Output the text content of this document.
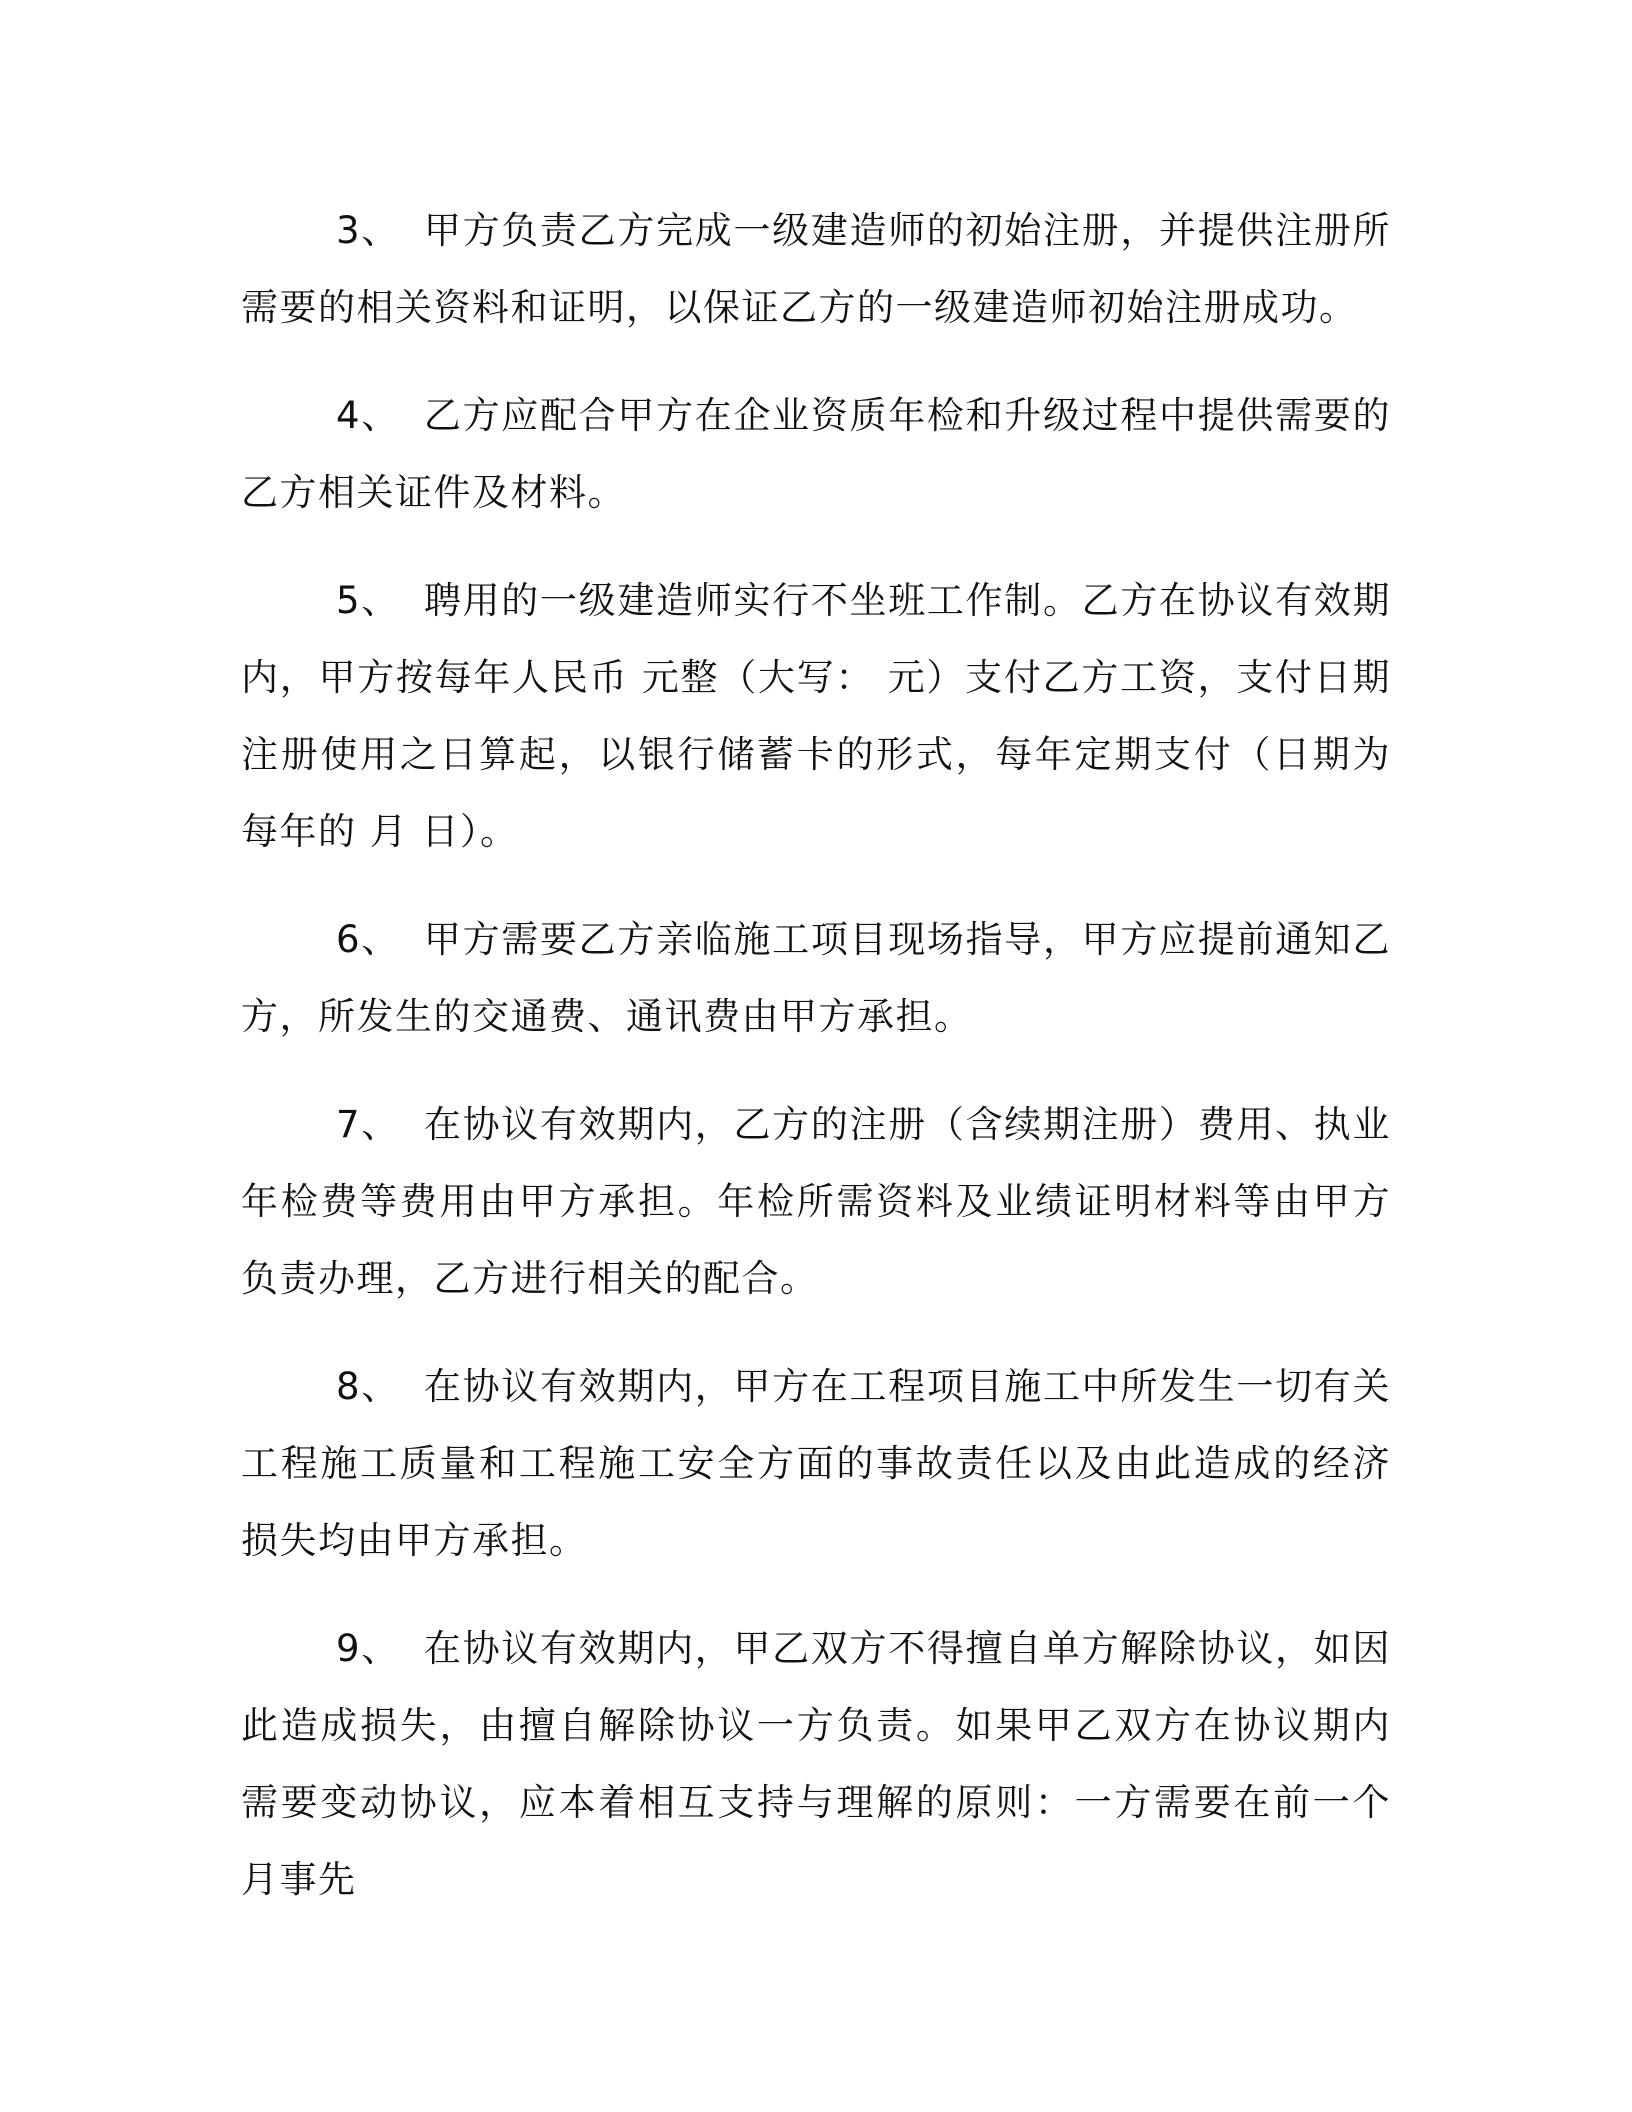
3、 甲方负责乙方完成一级建造师的初始注册，并提供注册所需要的相关资料和证明，以保证乙方的一级建造师初始注册成功。

4、 乙方应配合甲方在企业资质年检和升级过程中提供需要的乙方相关证件及材料。

5、 聘用的一级建造师实行不坐班工作制。乙方在协议有效期内，甲方按每年人民币 元整（大写： 元）支付乙方工资，支付日期注册使用之日算起，以银行储蓄卡的形式，每年定期支付（日期为每年的 月 日）。

6、 甲方需要乙方亲临施工项目现场指导，甲方应提前通知乙方，所发生的交通费、通讯费由甲方承担。

7、 在协议有效期内，乙方的注册（含续期注册）费用、执业年检费等费用由甲方承担。年检所需资料及业绩证明材料等由甲方负责办理，乙方进行相关的配合。

8、 在协议有效期内，甲方在工程项目施工中所发生一切有关工程施工质量和工程施工安全方面的事故责任以及由此造成的经济损失均由甲方承担。

9、 在协议有效期内，甲乙双方不得擅自单方解除协议，如因此造成损失，由擅自解除协议一方负责。如果甲乙双方在协议期内需要变动协议，应本着相互支持与理解的原则：一方需要在前一个月事先
